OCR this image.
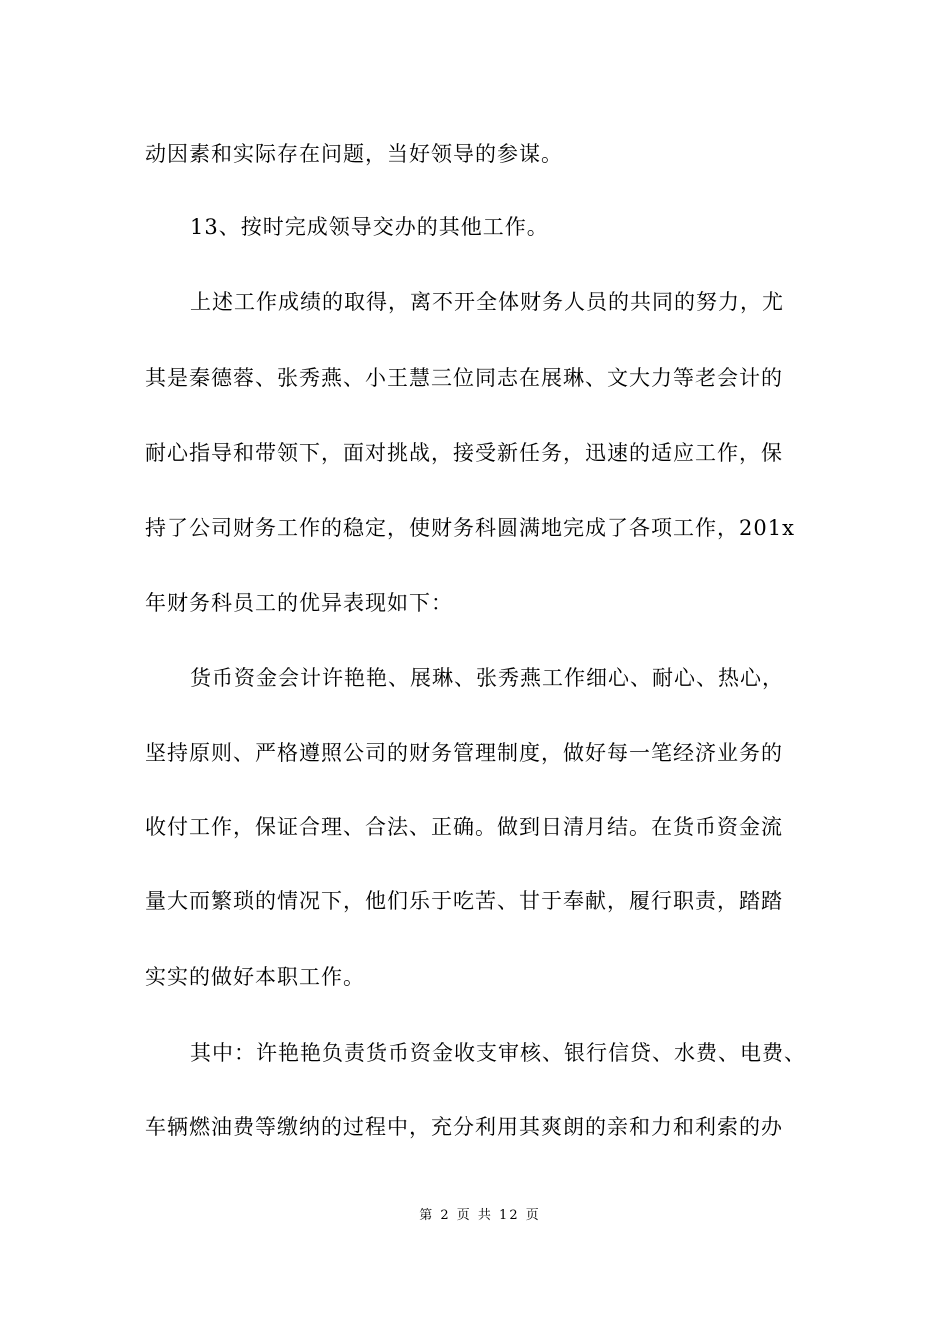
动因素和实际存在问题，当好领导的参谋。
13、按时完成领导交办的其他工作。
上述工作成绩的取得，离不开全体财务人员的共同的努力，尤
其是秦德蓉、张秀燕、小王慧三位同志在展琳、文大力等老会计的
耐心指导和带领下，面对挑战，接受新任务，迅速的适应工作，保
持了公司财务工作的稳定，使财务科圆满地完成了各项工作，201x
年财务科员工的优异表现如下：
货币资金会计许艳艳、展琳、张秀燕工作细心、耐心、热心，
坚持原则、严格遵照公司的财务管理制度，做好每一笔经济业务的
收付工作，保证合理、合法、正确。做到日清月结。在货币资金流
量大而繁琐的情况下，他们乐于吃苦、甘于奉献，履行职责，踏踏
实实的做好本职工作。
其中：许艳艳负责货币资金收支审核、银行信贷、水费、电费、
车辆燃油费等缴纳的过程中，充分利用其爽朗的亲和力和利索的办
第 2 页 共 12 页
